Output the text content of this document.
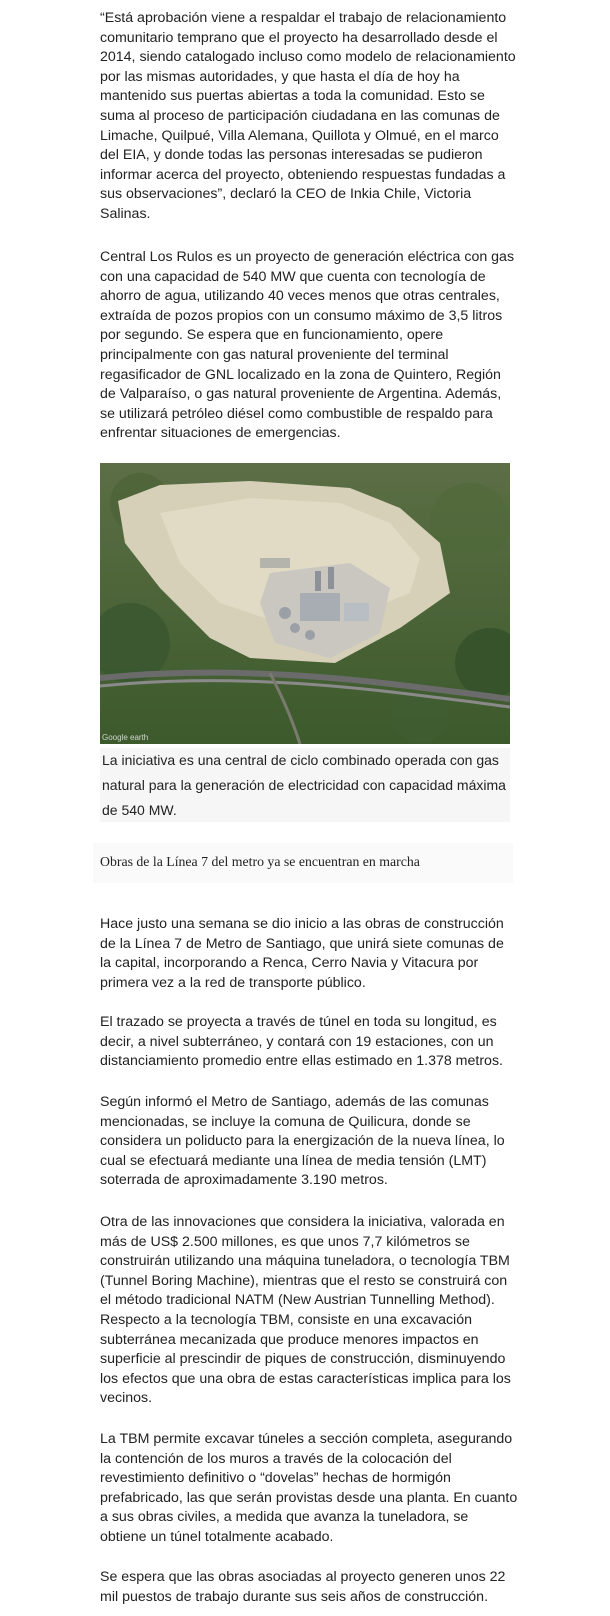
“Está aprobación viene a respaldar el trabajo de relacionamiento comunitario temprano que el proyecto ha desarrollado desde el 2014, siendo catalogado incluso como modelo de relacionamiento por las mismas autoridades, y que hasta el día de hoy ha mantenido sus puertas abiertas a toda la comunidad. Esto se suma al proceso de participación ciudadana en las comunas de Limache, Quilpué, Villa Alemana, Quillota y Olmué, en el marco del EIA, y donde todas las personas interesadas se pudieron informar acerca del proyecto, obteniendo respuestas fundadas a sus observaciones”, declaró la CEO de Inkia Chile, Victoria Salinas.

Central Los Rulos es un proyecto de generación eléctrica con gas con una capacidad de 540 MW que cuenta con tecnología de ahorro de agua, utilizando 40 veces menos que otras centrales, extraída de pozos propios con un consumo máximo de 3,5 litros por segundo. Se espera que en funcionamiento, opere principalmente con gas natural proveniente del terminal regasificador de GNL localizado en la zona de Quintero, Región de Valparaíso, o gas natural proveniente de Argentina. Además, se utilizará petróleo diésel como combustible de respaldo para enfrentar situaciones de emergencias.

Google earth

La iniciativa es una central de ciclo combinado operada con gas natural para la generación de electricidad con capacidad máxima de 540 MW.

Obras de la Línea 7 del metro ya se encuentran en marcha

Hace justo una semana se dio inicio a las obras de construcción de la Línea 7 de Metro de Santiago, que unirá siete comunas de la capital, incorporando a Renca, Cerro Navia y Vitacura por primera vez a la red de transporte público.

El trazado se proyecta a través de túnel en toda su longitud, es decir, a nivel subterráneo, y contará con 19 estaciones, con un distanciamiento promedio entre ellas estimado en 1.378 metros.

Según informó el Metro de Santiago, además de las comunas mencionadas, se incluye la comuna de Quilicura, donde se considera un poliducto para la energización de la nueva línea, lo cual se efectuará mediante una línea de media tensión (LMT) soterrada de aproximadamente 3.190 metros.

Otra de las innovaciones que considera la iniciativa, valorada en más de US$ 2.500 millones, es que unos 7,7 kilómetros se construirán utilizando una máquina tuneladora, o tecnología TBM (Tunnel Boring Machine), mientras que el resto se construirá con el método tradicional NATM (New Austrian Tunnelling Method). Respecto a la tecnología TBM, consiste en una excavación subterránea mecanizada que produce menores impactos en superficie al prescindir de piques de construcción, disminuyendo los efectos que una obra de estas características implica para los vecinos.

La TBM permite excavar túneles a sección completa, asegurando la contención de los muros a través de la colocación del revestimiento definitivo o “dovelas” hechas de hormigón prefabricado, las que serán provistas desde una planta. En cuanto a sus obras civiles, a medida que avanza la tuneladora, se obtiene un túnel totalmente acabado.

Se espera que las obras asociadas al proyecto generen unos 22 mil puestos de trabajo durante sus seis años de construcción.
